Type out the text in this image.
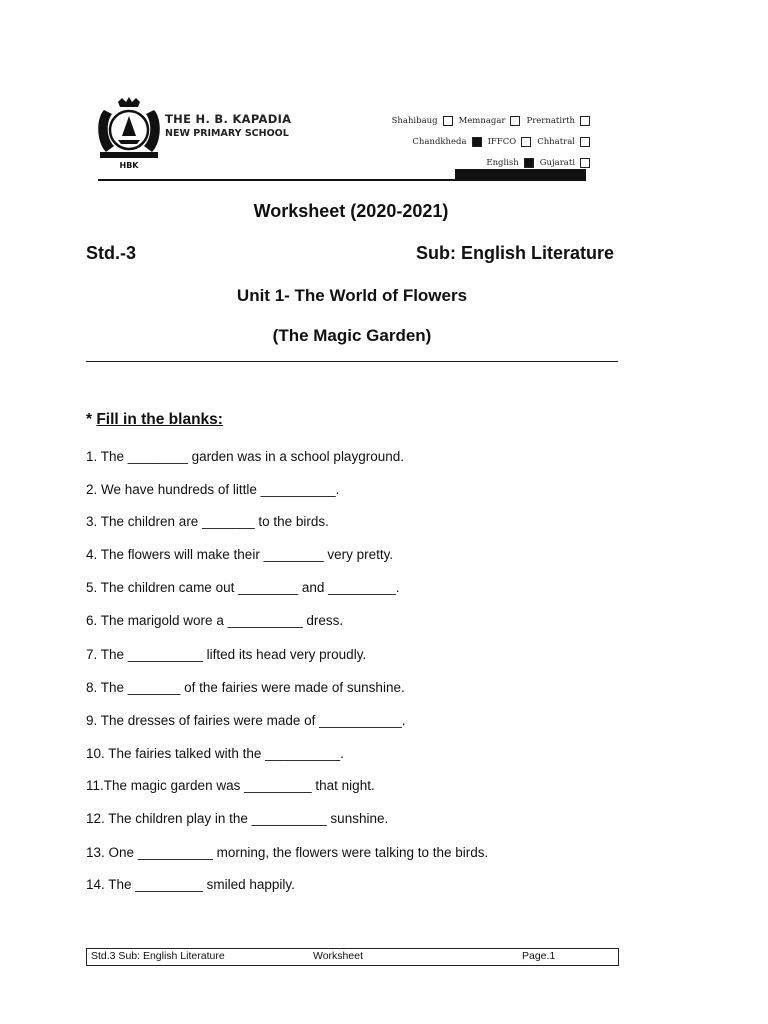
HBK
THE H. B. KAPADIA
NEW PRIMARY SCHOOL
Shahibaug Memnagar Prernatirth
Chandkheda IFFCO Chhatral
English Gujarati
Worksheet (2020-2021)
Std.-3	Sub: English Literature
Unit 1- The World of Flowers
(The Magic Garden)
* Fill in the blanks:
1. The ________ garden was in a school playground.
2. We have hundreds of little __________.
3. The children are _______ to the birds.
4. The flowers will make their ________ very pretty.
5. The children came out ________ and _________.
6. The marigold wore a __________ dress.
7. The __________ lifted its head very proudly.
8. The _______ of the fairies were made of sunshine.
9. The dresses of fairies were made of ___________.
10. The fairies talked with the __________.
11.The magic garden was _________ that night.
12. The children play in the __________ sunshine.
13. One __________ morning, the flowers were talking to the birds.
14. The _________ smiled happily.
Std.3 Sub: English Literature	Worksheet	Page.1
